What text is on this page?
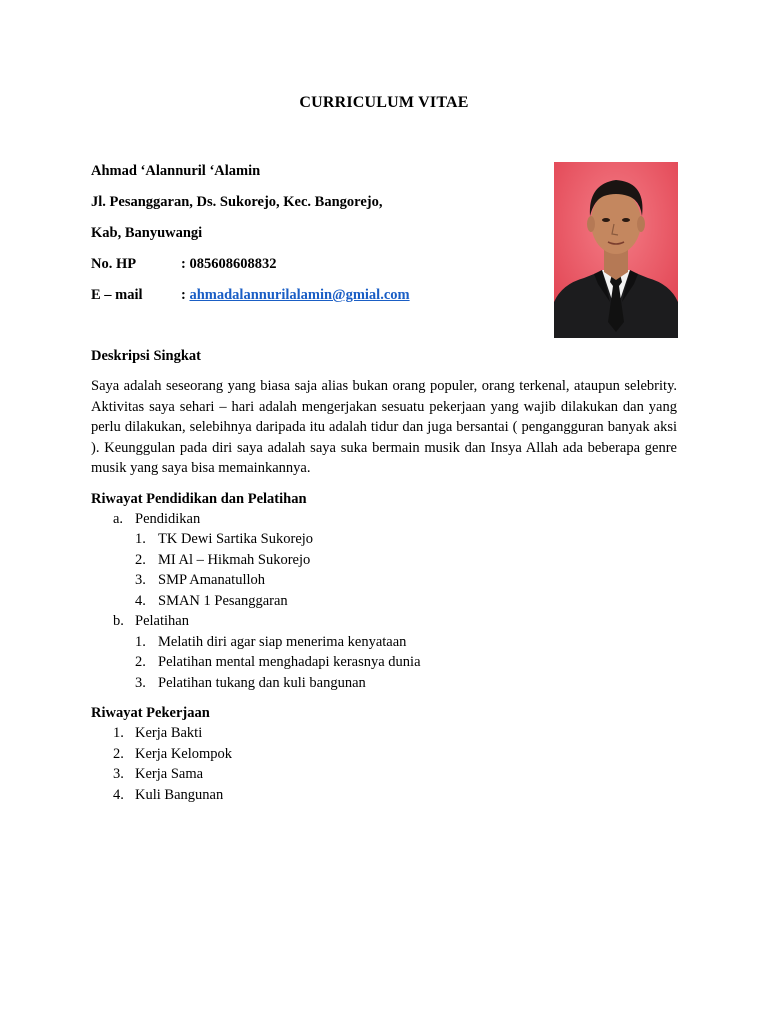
CURRICULUM VITAE
Ahmad ‘Alannuril ‘Alamin
Jl. Pesanggaran, Ds. Sukorejo, Kec. Bangorejo,
Kab, Banyuwangi
No. HP	: 085608608832
E – mail	: ahmadalannurilalamin@gmial.com
Deskripsi Singkat
Saya adalah seseorang yang biasa saja alias bukan orang populer, orang terkenal, ataupun selebrity. Aktivitas saya sehari – hari adalah mengerjakan sesuatu pekerjaan yang wajib dilakukan dan yang perlu dilakukan, selebihnya daripada itu adalah tidur dan juga bersantai ( pengangguran banyak aksi ). Keunggulan pada diri saya adalah saya suka bermain musik dan Insya Allah ada beberapa genre musik yang saya bisa memainkannya.
Riwayat Pendidikan dan Pelatihan
a. Pendidikan
1. TK Dewi Sartika Sukorejo
2. MI Al – Hikmah Sukorejo
3. SMP Amanatulloh
4. SMAN 1 Pesanggaran
b. Pelatihan
1. Melatih diri agar siap menerima kenyataan
2. Pelatihan mental menghadapi kerasnya dunia
3. Pelatihan tukang dan kuli bangunan
Riwayat Pekerjaan
1. Kerja Bakti
2. Kerja Kelompok
3. Kerja Sama
4. Kuli Bangunan
